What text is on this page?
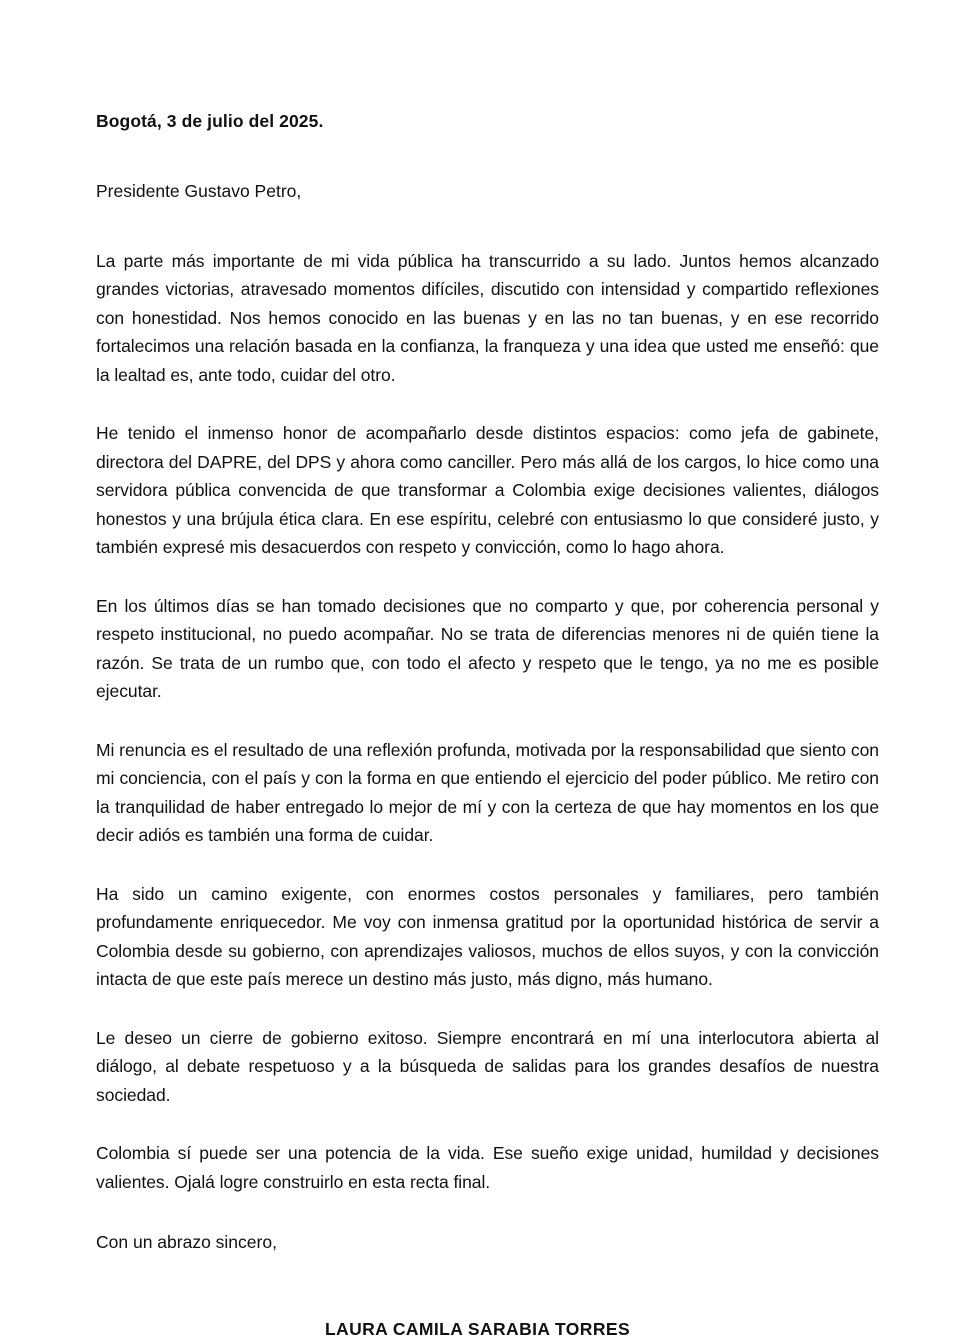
Bogotá, 3 de julio del 2025.
Presidente Gustavo Petro,

La parte más importante de mi vida pública ha transcurrido a su lado. Juntos hemos alcanzado grandes victorias, atravesado momentos difíciles, discutido con intensidad y compartido reflexiones con honestidad. Nos hemos conocido en las buenas y en las no tan buenas, y en ese recorrido fortalecimos una relación basada en la confianza, la franqueza y una idea que usted me enseñó: que la lealtad es, ante todo, cuidar del otro.

He tenido el inmenso honor de acompañarlo desde distintos espacios: como jefa de gabinete, directora del DAPRE, del DPS y ahora como canciller. Pero más allá de los cargos, lo hice como una servidora pública convencida de que transformar a Colombia exige decisiones valientes, diálogos honestos y una brújula ética clara. En ese espíritu, celebré con entusiasmo lo que consideré justo, y también expresé mis desacuerdos con respeto y convicción, como lo hago ahora.

En los últimos días se han tomado decisiones que no comparto y que, por coherencia personal y respeto institucional, no puedo acompañar. No se trata de diferencias menores ni de quién tiene la razón. Se trata de un rumbo que, con todo el afecto y respeto que le tengo, ya no me es posible ejecutar.

Mi renuncia es el resultado de una reflexión profunda, motivada por la responsabilidad que siento con mi conciencia, con el país y con la forma en que entiendo el ejercicio del poder público. Me retiro con la tranquilidad de haber entregado lo mejor de mí y con la certeza de que hay momentos en los que decir adiós es también una forma de cuidar.

Ha sido un camino exigente, con enormes costos personales y familiares, pero también profundamente enriquecedor. Me voy con inmensa gratitud por la oportunidad histórica de servir a Colombia desde su gobierno, con aprendizajes valiosos, muchos de ellos suyos, y con la convicción intacta de que este país merece un destino más justo, más digno, más humano.

Le deseo un cierre de gobierno exitoso. Siempre encontrará en mí una interlocutora abierta al diálogo, al debate respetuoso y a la búsqueda de salidas para los grandes desafíos de nuestra sociedad.

Colombia sí puede ser una potencia de la vida. Ese sueño exige unidad, humildad y decisiones valientes. Ojalá logre construirlo en esta recta final.

Con un abrazo sincero,

LAURA CAMILA SARABIA TORRES
